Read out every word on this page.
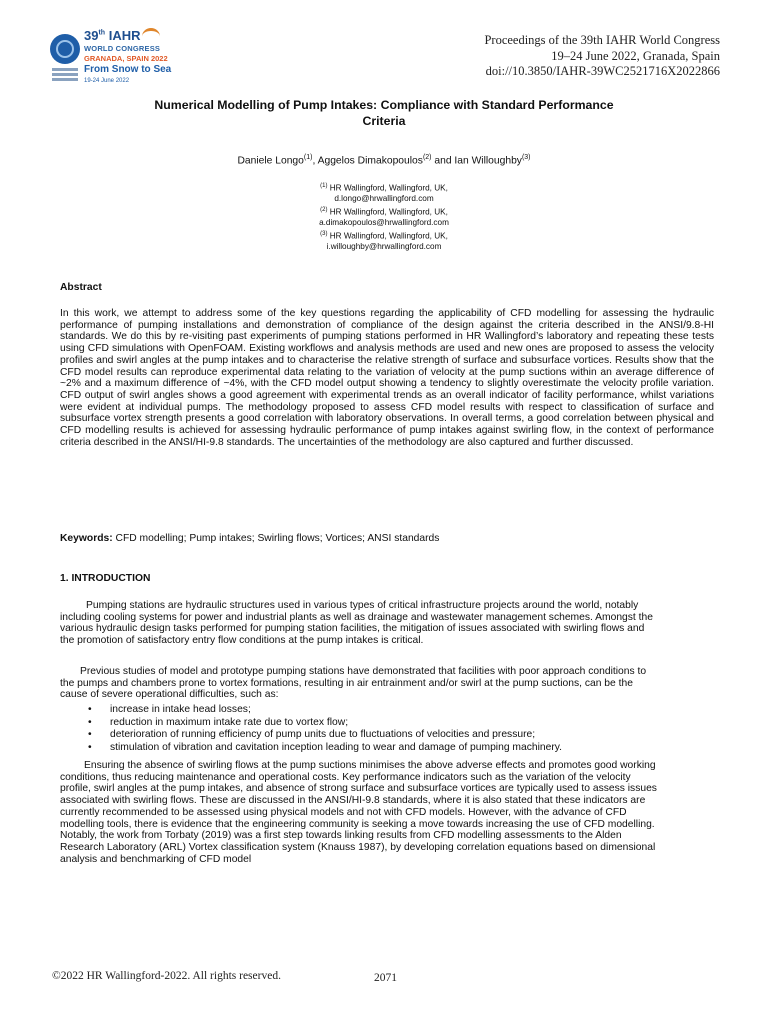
39th IAHR
WORLD CONGRESS
GRANADA, SPAIN 2022
From Snow to Sea
19-24 June 2022
Proceedings of the 39th IAHR World Congress
19–24 June 2022, Granada, Spain
doi://10.3850/IAHR-39WC2521716X2022866
Numerical Modelling of Pump Intakes: Compliance with Standard Performance
Criteria
Daniele Longo$^{(1)}$, Aggelos Dimakopoulos$^{(2)}$ and Ian Willoughby$^{(3)}$
$^{(1)}$ HR Wallingford, Wallingford, UK,
d.longo@hrwallingford.com
$^{(2)}$ HR Wallingford, Wallingford, UK,
a.dimakopoulos@hrwallingford.com
$^{(3)}$ HR Wallingford, Wallingford, UK,
i.willoughby@hrwallingford.com
Abstract
In this work, we attempt to address some of the key questions regarding the applicability of CFD modelling for assessing the hydraulic performance of pumping installations and demonstration of compliance of the design against the criteria described in the ANSI/9.8-HI standards. We do this by re-visiting past experiments of pumping stations performed in HR Wallingford’s laboratory and repeating these tests using CFD simulations with OpenFOAM. Existing workflows and analysis methods are used and new ones are proposed to assess the velocity profiles and swirl angles at the pump intakes and to characterise the relative strength of surface and subsurface vortices. Results show that the CFD model results can reproduce experimental data relating to the variation of velocity at the pump suctions within an average difference of ~2% and a maximum difference of ~4%, with the CFD model output showing a tendency to slightly overestimate the velocity profile variation. CFD output of swirl angles shows a good agreement with experimental trends as an overall indicator of facility performance, whilst variations were evident at individual pumps. The methodology proposed to assess CFD model results with respect to classification of surface and subsurface vortex strength presents a good correlation with laboratory observations. In overall terms, a good correlation between physical and CFD modelling results is achieved for assessing hydraulic performance of pump intakes against swirling flow, in the context of performance criteria described in the ANSI/HI-9.8 standards. The uncertainties of the methodology are also captured and further discussed.
Keywords: CFD modelling; Pump intakes; Swirling flows; Vortices; ANSI standards
1. INTRODUCTION
Pumping stations are hydraulic structures used in various types of critical infrastructure projects around the world, notably including cooling systems for power and industrial plants as well as drainage and wastewater management schemes. Amongst the various hydraulic design tasks performed for pumping station facilities, the mitigation of issues associated with swirling flows and the promotion of satisfactory entry flow conditions at the pump intakes is critical.
Previous studies of model and prototype pumping stations have demonstrated that facilities with poor approach conditions to the pumps and chambers prone to vortex formations, resulting in air entrainment and/or swirl at the pump suctions, can be the cause of severe operational difficulties, such as:
• increase in intake head losses;
• reduction in maximum intake rate due to vortex flow;
• deterioration of running efficiency of pump units due to fluctuations of velocities and pressure;
• stimulation of vibration and cavitation inception leading to wear and damage of pumping machinery.
Ensuring the absence of swirling flows at the pump suctions minimises the above adverse effects and promotes good working conditions, thus reducing maintenance and operational costs. Key performance indicators such as the variation of the velocity profile, swirl angles at the pump intakes, and absence of strong surface and subsurface vortices are typically used to assess issues associated with swirling flows. These are discussed in the ANSI/HI-9.8 standards, where it is also stated that these indicators are currently recommended to be assessed using physical models and not with CFD models. However, with the advance of CFD modelling tools, there is evidence that the engineering community is seeking a move towards increasing the use of CFD modelling. Notably, the work from Torbaty (2019) was a first step towards linking results from CFD modelling assessments to the Alden Research Laboratory (ARL) Vortex classification system (Knauss 1987), by developing correlation equations based on dimensional analysis and benchmarking of CFD model
©2022 HR Wallingford-2022. All rights reserved.	2071
